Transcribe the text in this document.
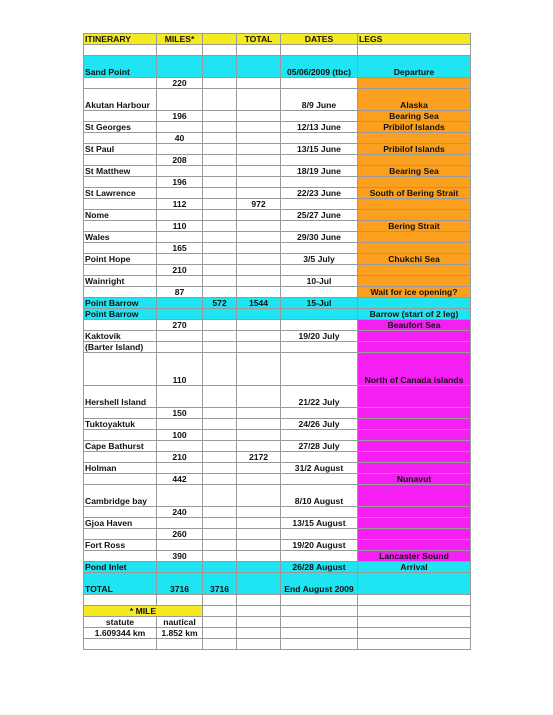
ITINERARY	MILES*		TOTAL	DATES	LEGS

Sand Point				05/06/2009 (tbc)	Departure
	220				
Akutan Harbour				8/9 June	Alaska
	196				Bearing Sea
St Georges				12/13 June	Pribilof Islands
	40				
St Paul				13/15 June	Pribilof Islands
	208				
St Matthew				18/19 June	Bearing Sea
	196				
St Lawrence				22/23 June	South of Bering Strait
	112		972		
Nome				25/27 June	
	110				Bering Strait
Wales				29/30 June	
	165				
Point Hope				3/5 July	Chukchi Sea
	210				
Wainright				10-Jul	
	87				Wait for ice opening?
Point Barrow		572	1544	15-Jul	
Point Barrow					Barrow (start of 2 leg)
	270				Beaufort Sea
Kaktovik				19/20 July	
(Barter Island)					
	110				North of Canada islands
Hershell Island				21/22 July	
	150				
Tuktoyaktuk				24/26 July	
	100				
Cape Bathurst				27/28 July	
	210		2172		
Holman				31/2 August	
	442				Nunavut
Cambridge bay				8/10 August	
	240				
Gjoa Haven				13/15 August	
	260				
Fort Ross				19/20 August	
	390				Lancaster Sound
Pond Inlet				26/28 August	Arrival
TOTAL	3716	3716		End August 2009	

* MILE					
statute	nautical				
1.609344 km	1.852 km				
